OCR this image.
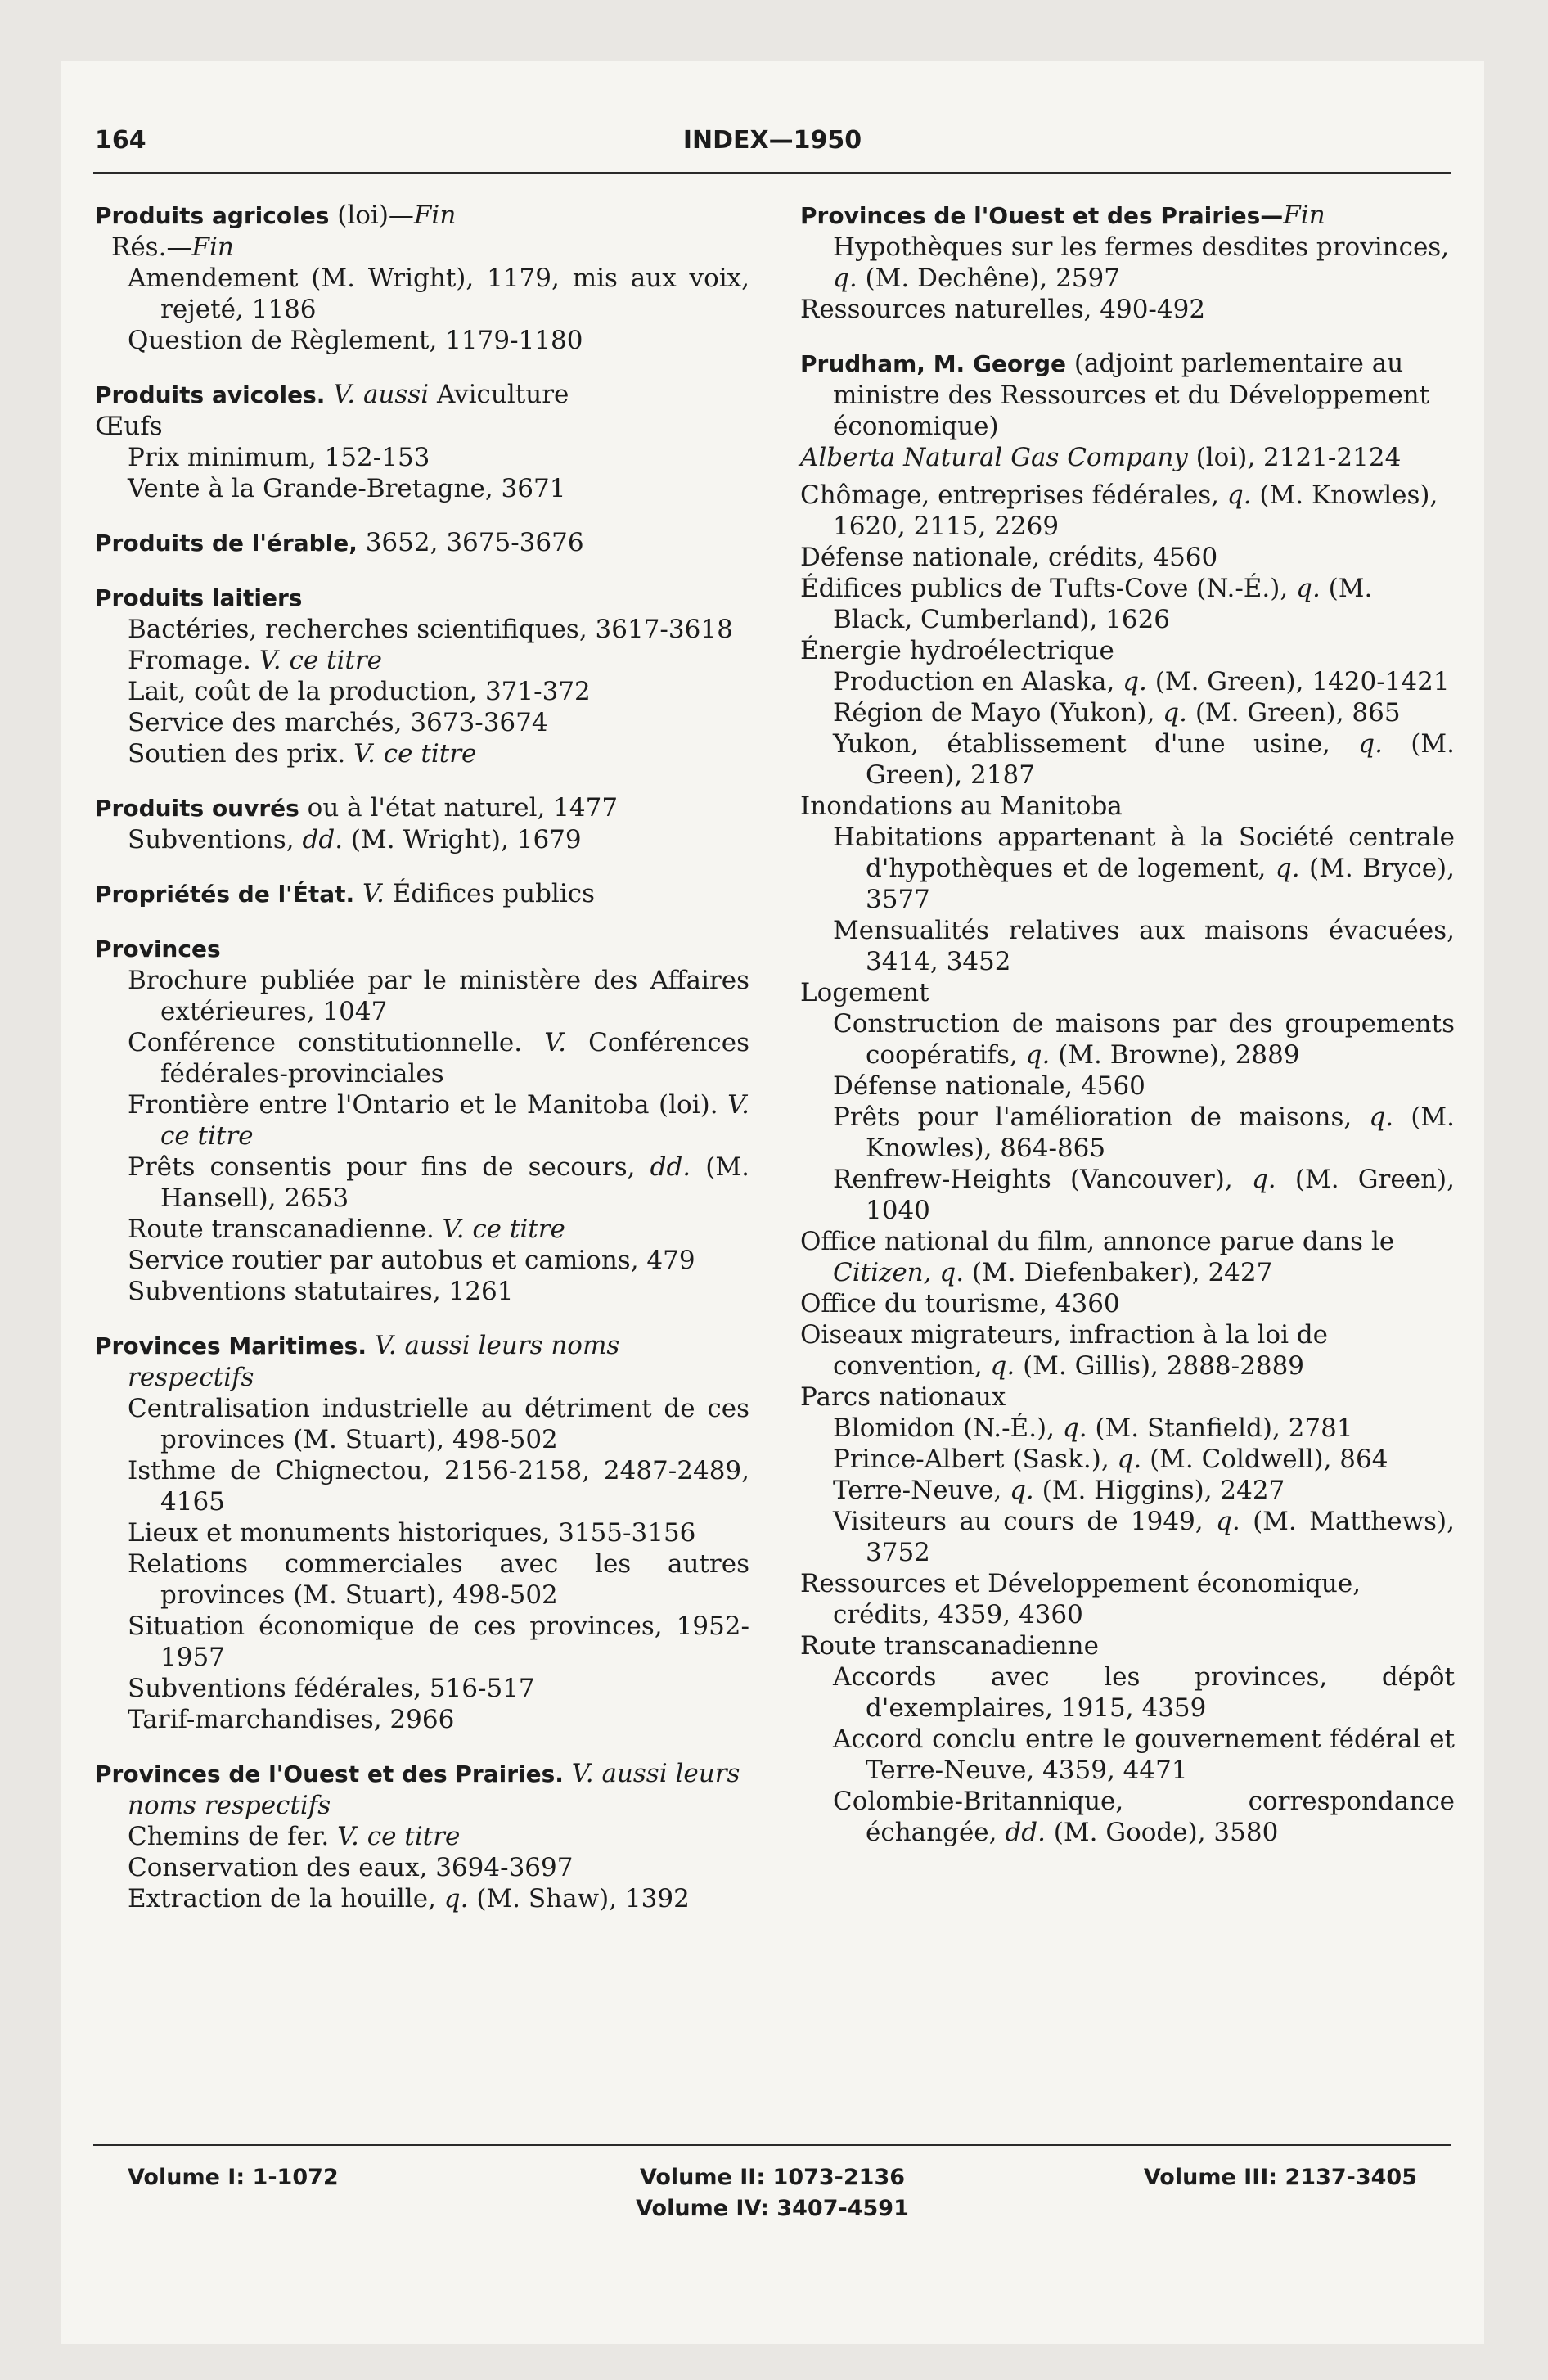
164	INDEX—1950

Produits agricoles (loi)—Fin

Rés.—Fin

Amendement (M. Wright), 1179, mis aux voix, rejeté, 1186

Question de Règlement, 1179-1180

Produits avicoles. V. aussi Aviculture

Œufs

Prix minimum, 152-153

Vente à la Grande-Bretagne, 3671

Produits de l'érable, 3652, 3675-3676

Produits laitiers

Bactéries, recherches scientifiques, 3617-3618

Fromage. V. ce titre

Lait, coût de la production, 371-372

Service des marchés, 3673-3674

Soutien des prix. V. ce titre

Produits ouvrés ou à l'état naturel, 1477

Subventions, dd. (M. Wright), 1679

Propriétés de l'État. V. Édifices publics

Provinces

Brochure publiée par le ministère des Affaires extérieures, 1047

Conférence constitutionnelle. V. Conférences fédérales-provinciales

Frontière entre l'Ontario et le Manitoba (loi). V. ce titre

Prêts consentis pour fins de secours, dd. (M. Hansell), 2653

Route transcanadienne. V. ce titre

Service routier par autobus et camions, 479

Subventions statutaires, 1261

Provinces Maritimes. V. aussi leurs noms respectifs

Centralisation industrielle au détriment de ces provinces (M. Stuart), 498-502

Isthme de Chignectou, 2156-2158, 2487-2489, 4165

Lieux et monuments historiques, 3155-3156

Relations commerciales avec les autres provinces (M. Stuart), 498-502

Situation économique de ces provinces, 1952-1957

Subventions fédérales, 516-517

Tarif-marchandises, 2966

Provinces de l'Ouest et des Prairies. V. aussi leurs noms respectifs

Chemins de fer. V. ce titre

Conservation des eaux, 3694-3697

Extraction de la houille, q. (M. Shaw), 1392

Provinces de l'Ouest et des Prairies—Fin

Hypothèques sur les fermes desdites provinces, q. (M. Dechêne), 2597

Ressources naturelles, 490-492

Prudham, M. George (adjoint parlementaire au ministre des Ressources et du Développement économique)

Alberta Natural Gas Company (loi), 2121-2124

Chômage, entreprises fédérales, q. (M. Knowles), 1620, 2115, 2269

Défense nationale, crédits, 4560

Édifices publics de Tufts-Cove (N.-É.), q. (M. Black, Cumberland), 1626

Énergie hydroélectrique

Production en Alaska, q. (M. Green), 1420-1421

Région de Mayo (Yukon), q. (M. Green), 865

Yukon, établissement d'une usine, q. (M. Green), 2187

Inondations au Manitoba

Habitations appartenant à la Société centrale d'hypothèques et de logement, q. (M. Bryce), 3577

Mensualités relatives aux maisons évacuées, 3414, 3452

Logement

Construction de maisons par des groupements coopératifs, q. (M. Browne), 2889

Défense nationale, 4560

Prêts pour l'amélioration de maisons, q. (M. Knowles), 864-865

Renfrew-Heights (Vancouver), q. (M. Green), 1040

Office national du film, annonce parue dans le Citizen, q. (M. Diefenbaker), 2427

Office du tourisme, 4360

Oiseaux migrateurs, infraction à la loi de convention, q. (M. Gillis), 2888-2889

Parcs nationaux

Blomidon (N.-É.), q. (M. Stanfield), 2781

Prince-Albert (Sask.), q. (M. Coldwell), 864

Terre-Neuve, q. (M. Higgins), 2427

Visiteurs au cours de 1949, q. (M. Matthews), 3752

Ressources et Développement économique, crédits, 4359, 4360

Route transcanadienne

Accords avec les provinces, dépôt d'exemplaires, 1915, 4359

Accord conclu entre le gouvernement fédéral et Terre-Neuve, 4359, 4471

Colombie-Britannique, correspondance échangée, dd. (M. Goode), 3580

Volume I: 1-1072	Volume II: 1073-2136
Volume IV: 3407-4591
Volume III: 2137-3405
